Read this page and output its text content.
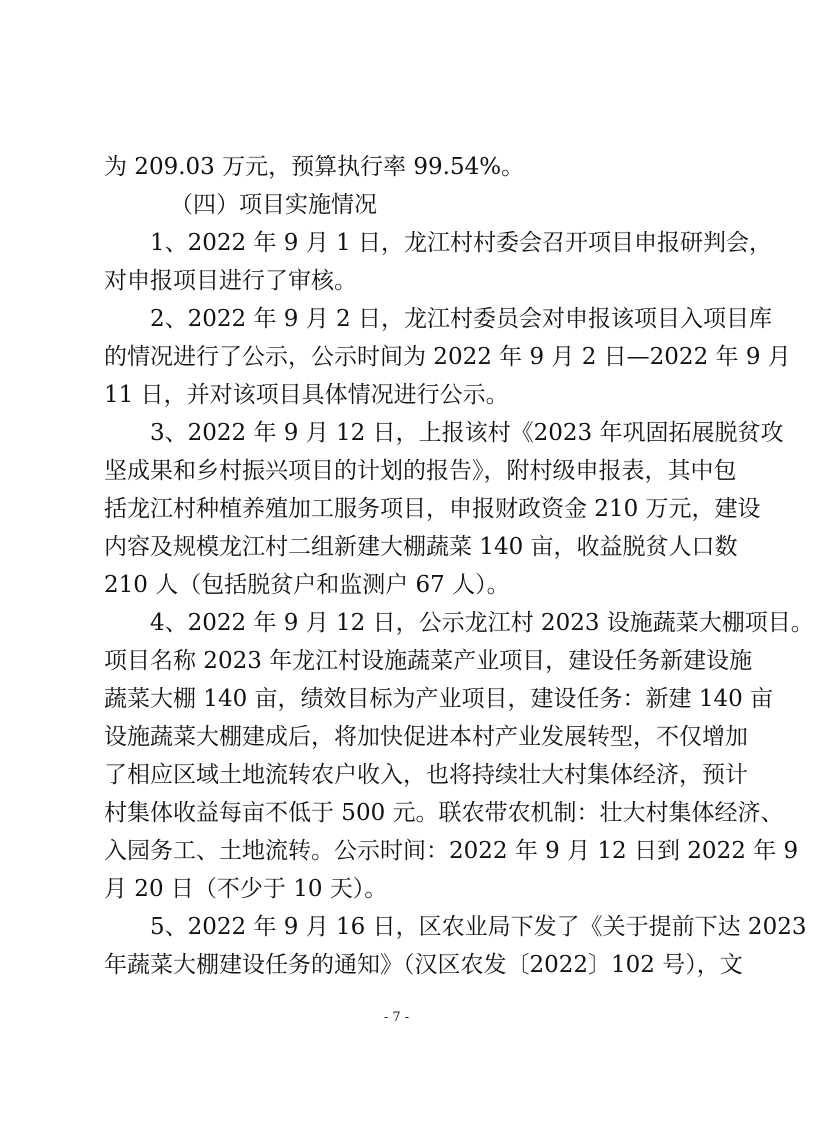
为 209.03 万元，预算执行率 99.54%。
（四）项目实施情况
1、2022 年 9 月 1 日，龙江村村委会召开项目申报研判会，
对申报项目进行了审核。
2、2022 年 9 月 2 日，龙江村委员会对申报该项目入项目库
的情况进行了公示，公示时间为 2022 年 9 月 2 日—2022 年 9 月
11 日，并对该项目具体情况进行公示。
3、2022 年 9 月 12 日，上报该村《2023 年巩固拓展脱贫攻
坚成果和乡村振兴项目的计划的报告》，附村级申报表，其中包
括龙江村种植养殖加工服务项目，申报财政资金 210 万元，建设
内容及规模龙江村二组新建大棚蔬菜 140 亩，收益脱贫人口数
210 人（包括脱贫户和监测户 67 人）。
4、2022 年 9 月 12 日，公示龙江村 2023 设施蔬菜大棚项目。
项目名称 2023 年龙江村设施蔬菜产业项目，建设任务新建设施
蔬菜大棚 140 亩，绩效目标为产业项目，建设任务：新建 140 亩
设施蔬菜大棚建成后，将加快促进本村产业发展转型，不仅增加
了相应区域土地流转农户收入，也将持续壮大村集体经济，预计
村集体收益每亩不低于 500 元。联农带农机制：壮大村集体经济、
入园务工、土地流转。公示时间：2022 年 9 月 12 日到 2022 年 9
月 20 日（不少于 10 天）。
5、2022 年 9 月 16 日，区农业局下发了《关于提前下达 2023
年蔬菜大棚建设任务的通知》（汉区农发〔2022〕102 号），文
- 7 -
